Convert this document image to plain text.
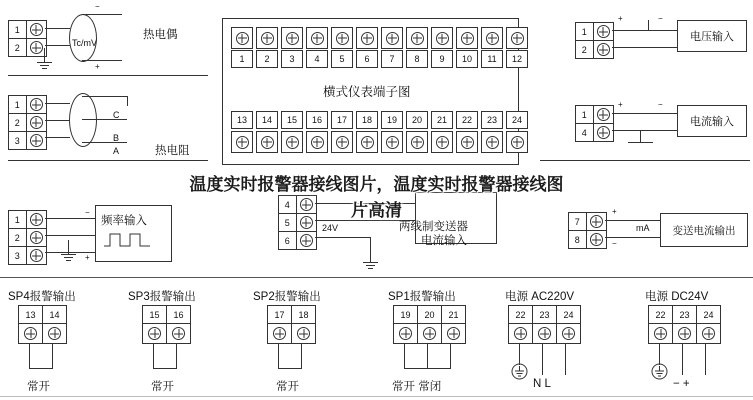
1
2
−
+
Tc/mV
热电偶
1
2
3
C
B
A	热电阻
1
2
3
频率输入
−
+
1	2	3	4	5	6	7	8	9	10	11	12
横式仪表端子图
13	14	15	16	17	18	19	20	21	22	23	24
4
5
6
24V	两线制变送器
电流输入
1
2
+	−
电压输入
1
4
+	−
电流输入
7
8
+
−
mA	变送电流输出
温度实时报警器接线图片，温度实时报警器接线图
片高清
SP4报警输出
13	14
常开
SP3报警输出
15	16
常开
SP2报警输出
17	18
常开
SP1报警输出
19	20	21
常开 常闭
电源 AC220V
22	23	24
N L
电源 DC24V
22	23	24
− +
